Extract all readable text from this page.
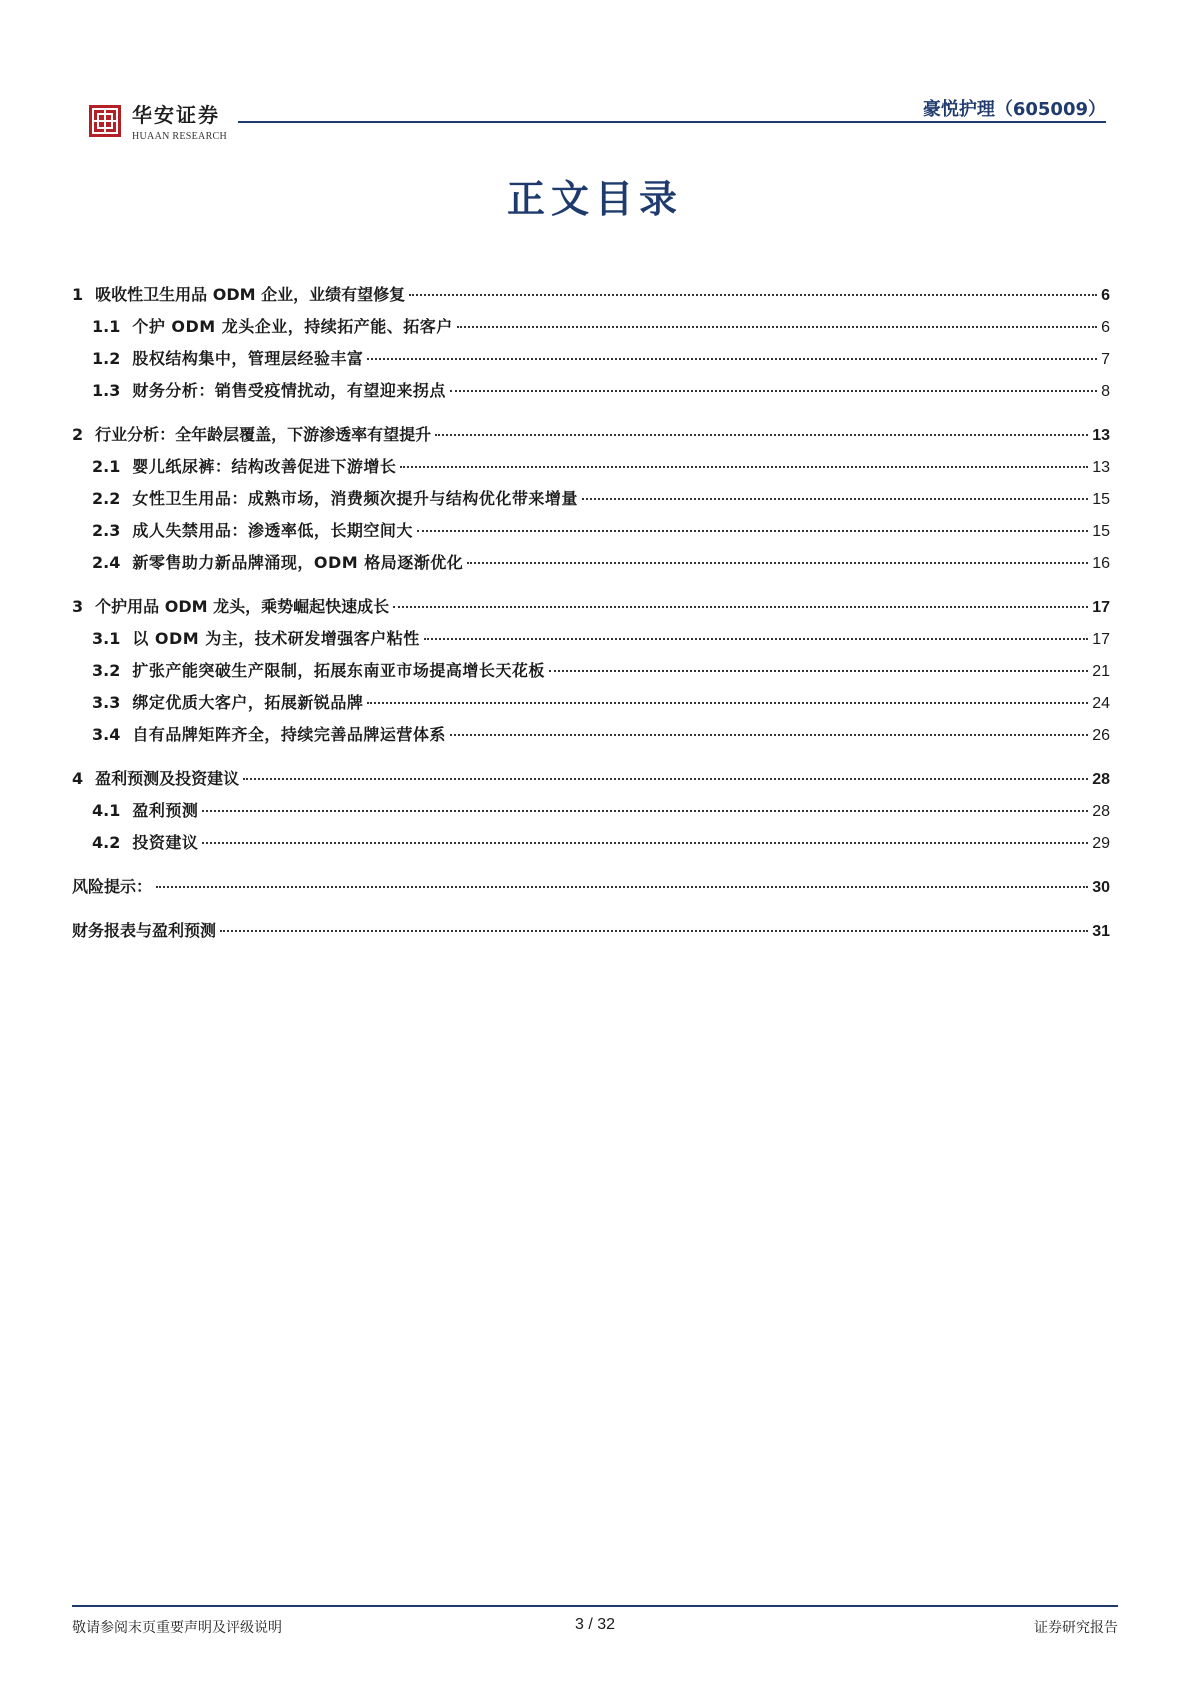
华安证券
HUAAN RESEARCH
豪悦护理（605009）
正文目录
1 吸收性卫生用品 ODM 企业，业绩有望修复	6
1.1 个护 ODM 龙头企业，持续拓产能、拓客户	6
1.2 股权结构集中，管理层经验丰富	7
1.3 财务分析：销售受疫情扰动，有望迎来拐点	8
2 行业分析：全年龄层覆盖，下游渗透率有望提升	13
2.1 婴儿纸尿裤：结构改善促进下游增长	13
2.2 女性卫生用品：成熟市场，消费频次提升与结构优化带来增量	15
2.3 成人失禁用品：渗透率低，长期空间大	15
2.4 新零售助力新品牌涌现，ODM 格局逐渐优化	16
3 个护用品 ODM 龙头，乘势崛起快速成长	17
3.1 以 ODM 为主，技术研发增强客户粘性	17
3.2 扩张产能突破生产限制，拓展东南亚市场提高增长天花板	21
3.3 绑定优质大客户，拓展新锐品牌	24
3.4 自有品牌矩阵齐全，持续完善品牌运营体系	26
4 盈利预测及投资建议	28
4.1 盈利预测	28
4.2 投资建议	29
风险提示：	30
财务报表与盈利预测	31
敬请参阅末页重要声明及评级说明	3 / 32	证券研究报告
